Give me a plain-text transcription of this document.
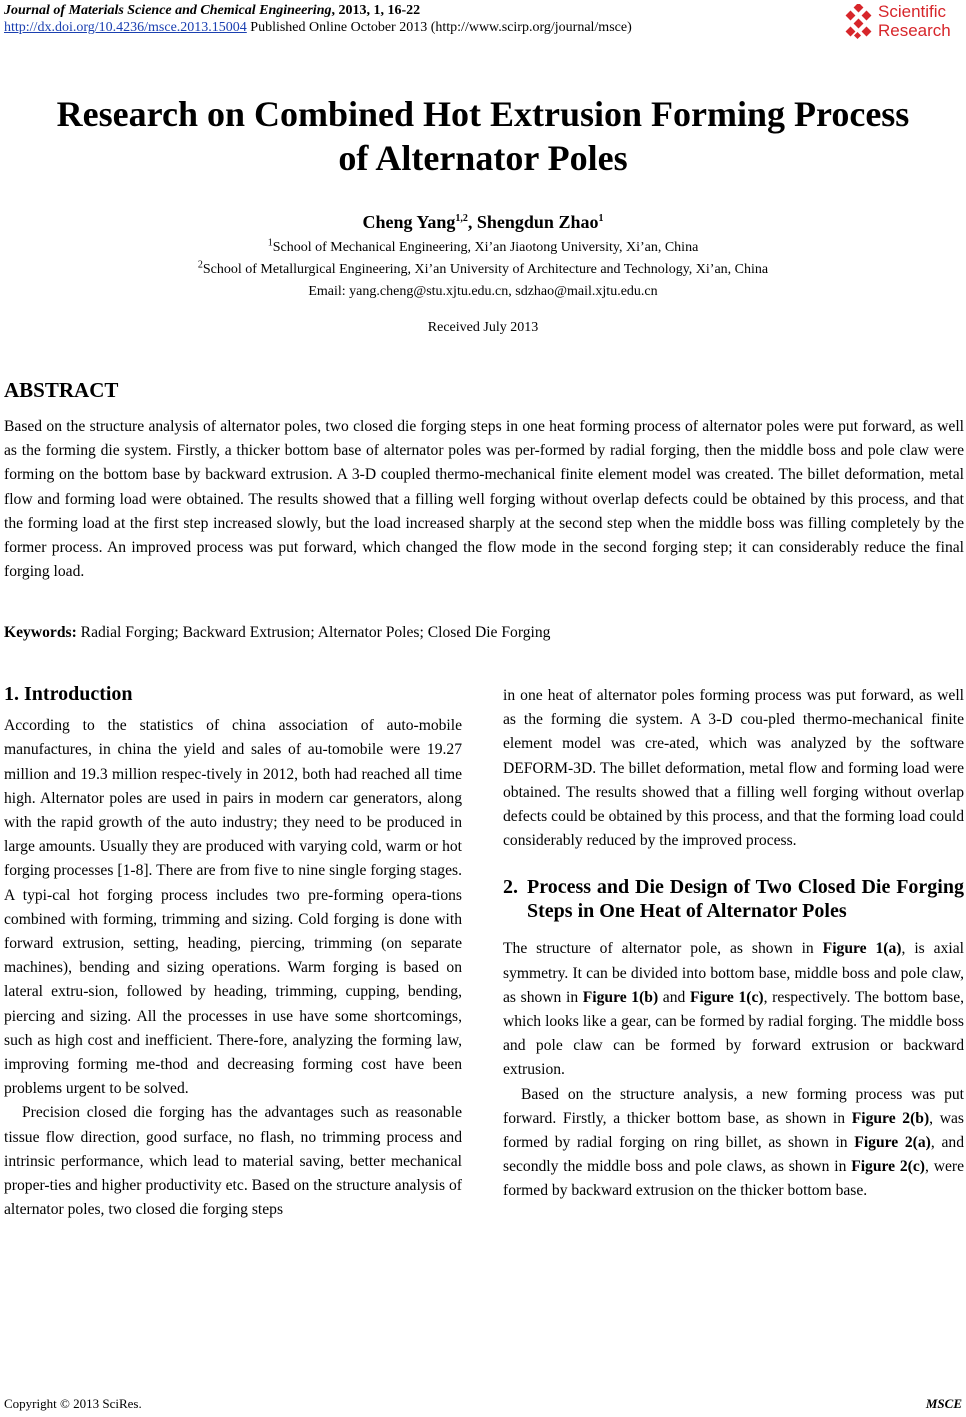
Journal of Materials Science and Chemical Engineering, 2013, 1, 16-22
http://dx.doi.org/10.4236/msce.2013.15004 Published Online October 2013 (http://www.scirp.org/journal/msce)
Scientific
Research
Research on Combined Hot Extrusion Forming Process
of Alternator Poles
Cheng Yang$^{1,2}$, Shengdun Zhao$^1$
$^1$School of Mechanical Engineering, Xi’an Jiaotong University, Xi’an, China
$^2$School of Metallurgical Engineering, Xi’an University of Architecture and Technology, Xi’an, China
Email: yang.cheng@stu.xjtu.edu.cn, sdzhao@mail.xjtu.edu.cn
Received July 2013
ABSTRACT
Based on the structure analysis of alternator poles, two closed die forging steps in one heat forming process of alternator poles were put forward, as well as the forming die system. Firstly, a thicker bottom base of alternator poles was per-formed by radial forging, then the middle boss and pole claw were forming on the bottom base by backward extrusion. A 3-D coupled thermo-mechanical finite element model was created. The billet deformation, metal flow and forming load were obtained. The results showed that a filling well forging without overlap defects could be obtained by this process, and that the forming load at the first step increased slowly, but the load increased sharply at the second step when the middle boss was filling completely by the former process. An improved process was put forward, which changed the flow mode in the second forging step; it can considerably reduce the final forging load.
Keywords: Radial Forging; Backward Extrusion; Alternator Poles; Closed Die Forging
1. Introduction

According to the statistics of china association of auto-mobile manufactures, in china the yield and sales of au-tomobile were 19.27 million and 19.3 million respec-tively in 2012, both had reached all time high. Alternator poles are used in pairs in modern car generators, along with the rapid growth of the auto industry; they need to be produced in large amounts. Usually they are produced with varying cold, warm or hot forging processes [1-8]. There are from five to nine single forging stages. A typi-cal hot forging process includes two pre-forming opera-tions combined with forming, trimming and sizing. Cold forging is done with forward extrusion, setting, heading, piercing, trimming (on separate machines), bending and sizing operations. Warm forging is based on lateral extru-sion, followed by heading, trimming, cupping, bending, piercing and sizing. All the processes in use have some shortcomings, such as high cost and inefficient. There-fore, analyzing the forming law, improving forming me-thod and decreasing forming cost have been problems urgent to be solved.

Precision closed die forging has the advantages such as reasonable tissue flow direction, good surface, no flash, no trimming process and intrinsic performance, which lead to material saving, better mechanical proper-ties and higher productivity etc. Based on the structure analysis of alternator poles, two closed die forging steps

in one heat of alternator poles forming process was put forward, as well as the forming die system. A 3-D cou-pled thermo-mechanical finite element model was cre-ated, which was analyzed by the software DEFORM-3D. The billet deformation, metal flow and forming load were obtained. The results showed that a filling well forging without overlap defects could be obtained by this process, and that the forming load could considerably reduced by the improved process.

2. Process and Die Design of Two Closed Die Forging Steps in One Heat of Alternator Poles

The structure of alternator pole, as shown in Figure 1(a), is axial symmetry. It can be divided into bottom base, middle boss and pole claw, as shown in Figure 1(b) and Figure 1(c), respectively. The bottom base, which looks like a gear, can be formed by radial forging. The middle boss and pole claw can be formed by forward extrusion or backward extrusion.

Based on the structure analysis, a new forming process was put forward. Firstly, a thicker bottom base, as shown in Figure 2(b), was formed by radial forging on ring billet, as shown in Figure 2(a), and secondly the middle boss and pole claws, as shown in Figure 2(c), were formed by backward extrusion on the thicker bottom base.

Copyright © 2013 SciRes.	MSCE
